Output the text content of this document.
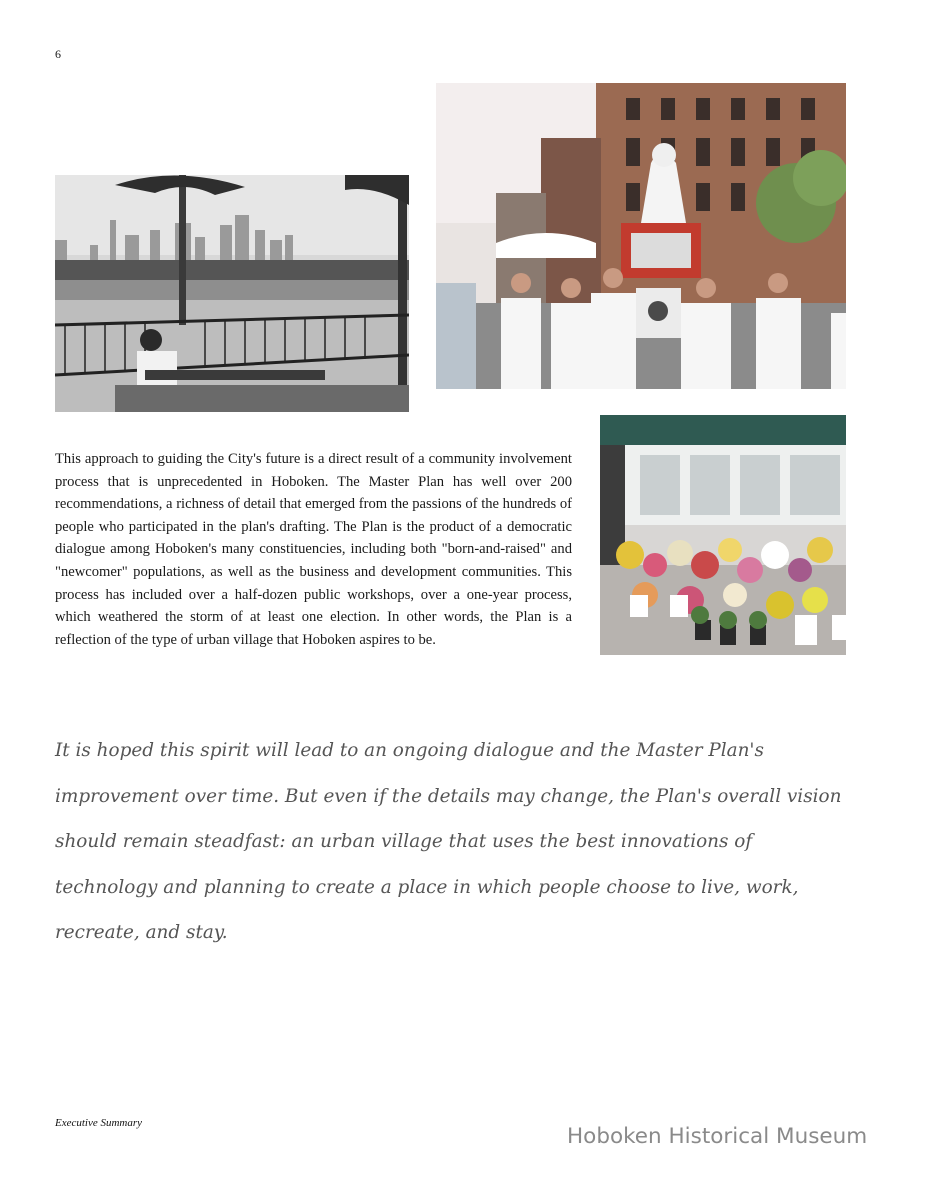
6

This approach to guiding the City's future is a direct result of a community involvement process that is unprecedented in Hoboken. The Master Plan has well over 200 recommendations, a richness of detail that emerged from the passions of the hundreds of people who participated in the plan's drafting. The Plan is the product of a democratic dialogue among Hoboken's many constituencies, including both "born-and-raised" and "newcomer" populations, as well as the business and development communities. This process has included over a half-dozen public workshops, over a one-year process, which weathered the storm of at least one election. In other words, the Plan is a reflection of the type of urban village that Hoboken aspires to be.

It is hoped this spirit will lead to an ongoing dialogue and the Master Plan's improvement over time. But even if the details may change, the Plan's overall vision should remain steadfast: an urban village that uses the best innovations of technology and planning to create a place in which people choose to live, work, recreate, and stay.

Executive Summary
Hoboken Historical Museum
